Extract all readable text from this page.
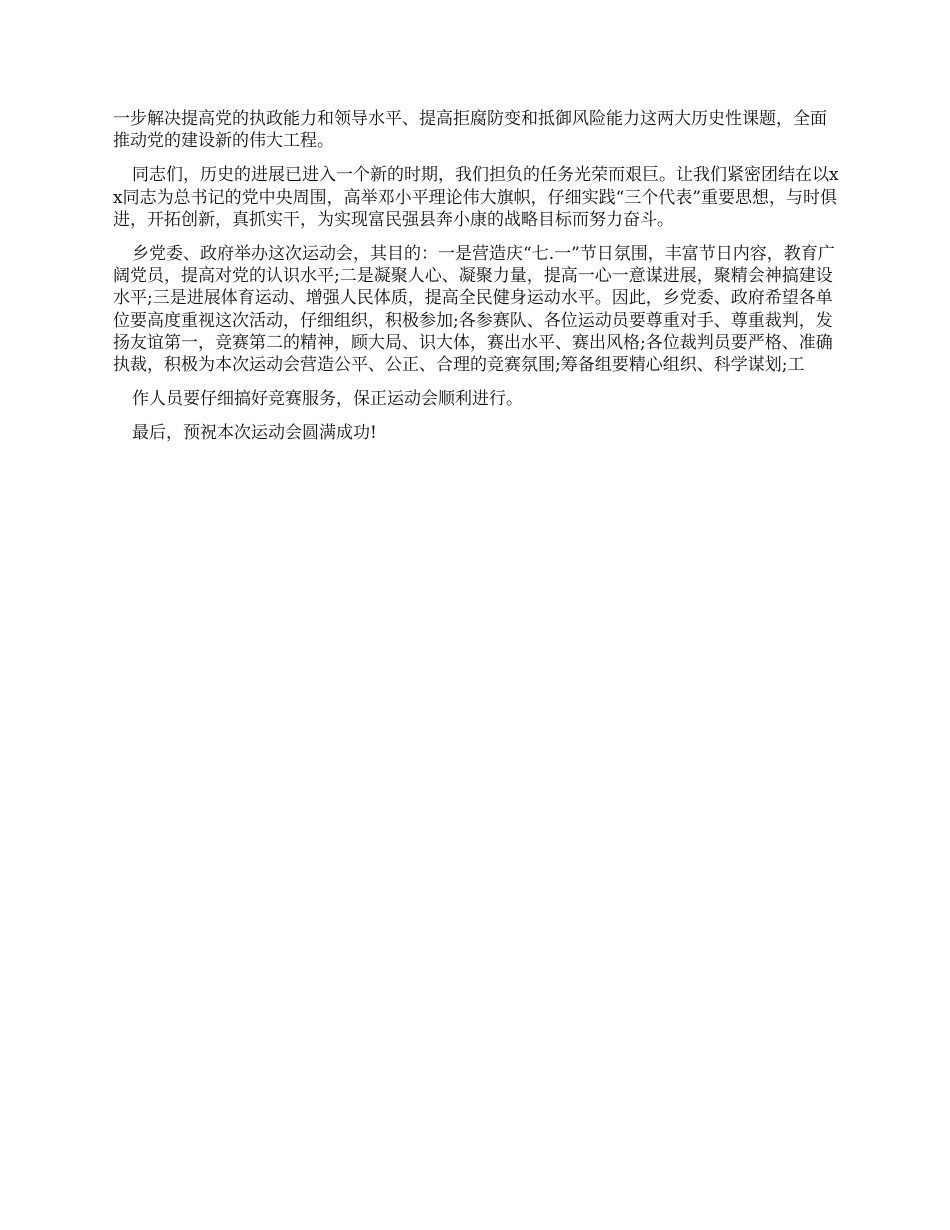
一步解决提高党的执政能力和领导水平、提高拒腐防变和抵御风险能力这两大历史性课题，全面推动党的建设新的伟大工程。

同志们，历史的进展已进入一个新的时期，我们担负的任务光荣而艰巨。让我们紧密团结在以xx同志为总书记的党中央周围，高举邓小平理论伟大旗帜，仔细实践“三个代表”重要思想，与时俱进，开拓创新，真抓实干，为实现富民强县奔小康的战略目标而努力奋斗。

乡党委、政府举办这次运动会，其目的：一是营造庆“七.一”节日氛围，丰富节日内容，教育广阔党员，提高对党的认识水平;二是凝聚人心、凝聚力量，提高一心一意谋进展，聚精会神搞建设水平;三是进展体育运动、增强人民体质，提高全民健身运动水平。因此，乡党委、政府希望各单位要高度重视这次活动，仔细组织，积极参加;各参赛队、各位运动员要尊重对手、尊重裁判，发扬友谊第一，竞赛第二的精神，顾大局、识大体，赛出水平、赛出风格;各位裁判员要严格、准确执裁，积极为本次运动会营造公平、公正、合理的竞赛氛围;筹备组要精心组织、科学谋划;工

作人员要仔细搞好竞赛服务，保正运动会顺利进行。

最后，预祝本次运动会圆满成功!
